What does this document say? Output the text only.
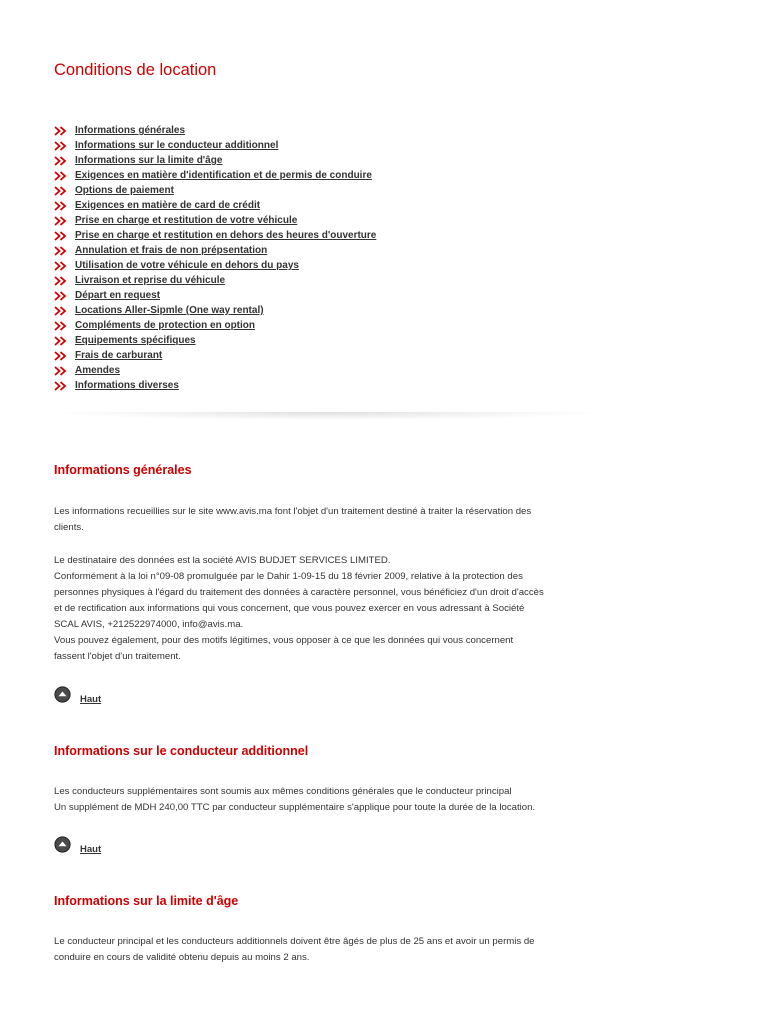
Conditions de location
Informations générales
Informations sur le conducteur additionnel
Informations sur la limite d'âge
Exigences en matière d'identification et de permis de conduire
Options de paiement
Exigences en matière de card de crédit
Prise en charge et restitution de votre véhicule
Prise en charge et restitution en dehors des heures d'ouverture
Annulation et frais de non prépsentation
Utilisation de votre véhicule en dehors du pays
Livraison et reprise du véhicule
Départ en request
Locations Aller-Sipmle (One way rental)
Compléments de protection en option
Equipements spécifiques
Frais de carburant
Amendes
Informations diverses
Informations générales

Les informations recueillies sur le site www.avis.ma font l'objet d'un traitement destiné à traiter la réservation des
clients.

Le destinataire des données est la société AVIS BUDJET SERVICES LIMITED.
Conformément à la loi n°09-08 promulguée par le Dahir 1-09-15 du 18 février 2009, relative à la protection des
personnes physiques à l'égard du traitement des données à caractère personnel, vous bénéficiez d'un droit d'accès
et de rectification aux informations qui vous concernent, que vous pouvez exercer en vous adressant à Société
SCAL AVIS, +212522974000, info@avis.ma.
Vous pouvez également, pour des motifs légitimes, vous opposer à ce que les données qui vous concernent
fassent l'objet d'un traitement.

Haut
Informations sur le conducteur additionnel

Les conducteurs supplémentaires sont soumis aux mêmes conditions générales que le conducteur principal
Un supplément de MDH 240,00 TTC par conducteur supplémentaire s'applique pour toute la durée de la location.

Haut
Informations sur la limite d'âge

Le conducteur principal et les conducteurs additionnels doivent être âgés de plus de 25 ans et avoir un permis de
conduire en cours de validité obtenu depuis au moins 2 ans.
